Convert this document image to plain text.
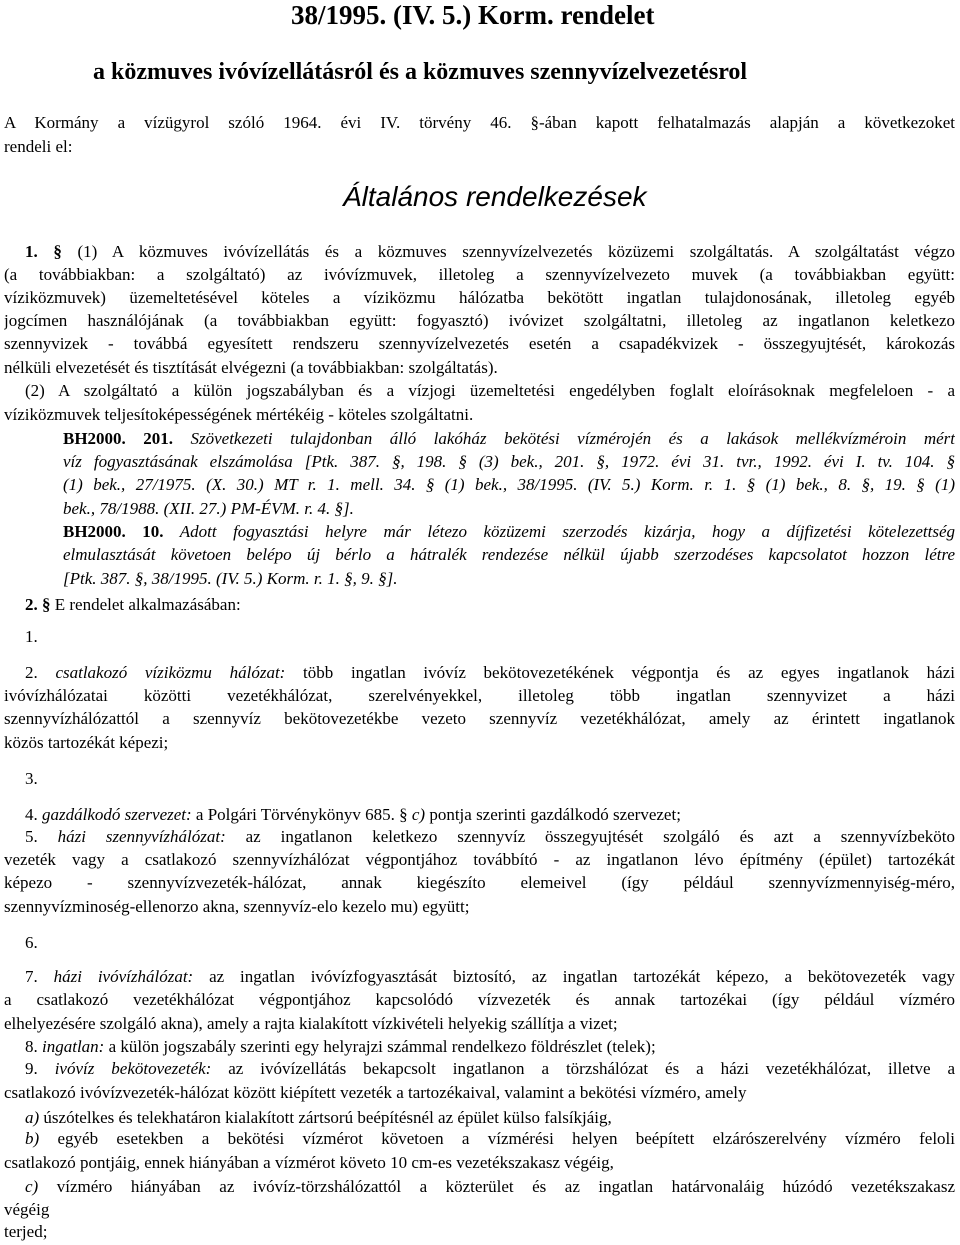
38/1995. (IV. 5.) Korm. rendelet
a közmuves ivóvízellátásról és a közmuves szennyvízelvezetésrol
A Kormány a vízügyrol szóló 1964. évi IV. törvény 46. §-ában kapott felhatalmazás alapján a következoket
rendeli el:
Általános rendelkezések
1. § (1) A közmuves ivóvízellátás és a közmuves szennyvízelvezetés közüzemi szolgáltatás. A szolgáltatást végzo
(a továbbiakban: a szolgáltató) az ivóvízmuvek, illetoleg a szennyvízelvezeto muvek (a továbbiakban együtt:
víziközmuvek) üzemeltetésével köteles a víziközmu hálózatba bekötött ingatlan tulajdonosának, illetoleg egyéb
jogcímen használójának (a továbbiakban együtt: fogyasztó) ivóvizet szolgáltatni, illetoleg az ingatlanon keletkezo
szennyvizek - továbbá egyesített rendszeru szennyvízelvezetés esetén a csapadékvizek - összegyujtését, károkozás
nélküli elvezetését és tisztítását elvégezni (a továbbiakban: szolgáltatás).
(2) A szolgáltató a külön jogszabályban és a vízjogi üzemeltetési engedélyben foglalt eloírásoknak megfeleloen - a
víziközmuvek teljesítoképességének mértékéig - köteles szolgáltatni.
BH2000. 201. Szövetkezeti tulajdonban álló lakóház bekötési vízmérojén és a lakások mellékvízméroin mért
víz fogyasztásának elszámolása [Ptk. 387. §, 198. § (3) bek., 201. §, 1972. évi 31. tvr., 1992. évi I. tv. 104. §
(1) bek., 27/1975. (X. 30.) MT r. 1. mell. 34. § (1) bek., 38/1995. (IV. 5.) Korm. r. 1. § (1) bek., 8. §, 19. § (1)
bek., 78/1988. (XII. 27.) PM-ÉVM. r. 4. §].
BH2000. 10. Adott fogyasztási helyre már létezo közüzemi szerzodés kizárja, hogy a díjfizetési kötelezettség
elmulasztását követoen belépo új bérlo a hátralék rendezése nélkül újabb szerzodéses kapcsolatot hozzon létre
[Ptk. 387. §, 38/1995. (IV. 5.) Korm. r. 1. §, 9. §].
2. § E rendelet alkalmazásában:
1.
2. csatlakozó víziközmu hálózat: több ingatlan ivóvíz bekötovezetékének végpontja és az egyes ingatlanok házi
ivóvízhálózatai közötti vezetékhálózat, szerelvényekkel, illetoleg több ingatlan szennyvizet a házi
szennyvízhálózattól a szennyvíz bekötovezetékbe vezeto szennyvíz vezetékhálózat, amely az érintett ingatlanok
közös tartozékát képezi;
3.
4. gazdálkodó szervezet: a Polgári Törvénykönyv 685. § c) pontja szerinti gazdálkodó szervezet;
5. házi szennyvízhálózat: az ingatlanon keletkezo szennyvíz összegyujtését szolgáló és azt a szennyvízbeköto
vezeték vagy a csatlakozó szennyvízhálózat végpontjához továbbító - az ingatlanon lévo építmény (épület) tartozékát
képezo - szennyvízvezeték-hálózat, annak kiegészíto elemeivel (így például szennyvízmennyiség-méro,
szennyvízminoség-ellenorzo akna, szennyvíz-elo kezelo mu) együtt;
6.
7. házi ivóvízhálózat: az ingatlan ivóvízfogyasztását biztosító, az ingatlan tartozékát képezo, a bekötovezeték vagy
a csatlakozó vezetékhálózat végpontjához kapcsolódó vízvezeték és annak tartozékai (így például vízméro
elhelyezésére szolgáló akna), amely a rajta kialakított vízkivételi helyekig szállítja a vizet;
8. ingatlan: a külön jogszabály szerinti egy helyrajzi számmal rendelkezo földrészlet (telek);
9. ivóvíz bekötovezeték: az ivóvízellátás bekapcsolt ingatlanon a törzshálózat és a házi vezetékhálózat, illetve a
csatlakozó ivóvízvezeték-hálózat között kiépített vezeték a tartozékaival, valamint a bekötési vízméro, amely
a) úszótelkes és telekhatáron kialakított zártsorú beépítésnél az épület külso falsíkjáig,
b) egyéb esetekben a bekötési vízmérot követoen a vízmérési helyen beépített elzárószerelvény vízméro feloli
csatlakozó pontjáig, ennek hiányában a vízmérot követo 10 cm-es vezetékszakasz végéig,
c) vízméro hiányában az ivóvíz-törzshálózattól a közterület és az ingatlan határvonaláig húzódó vezetékszakasz
végéig
terjed;
